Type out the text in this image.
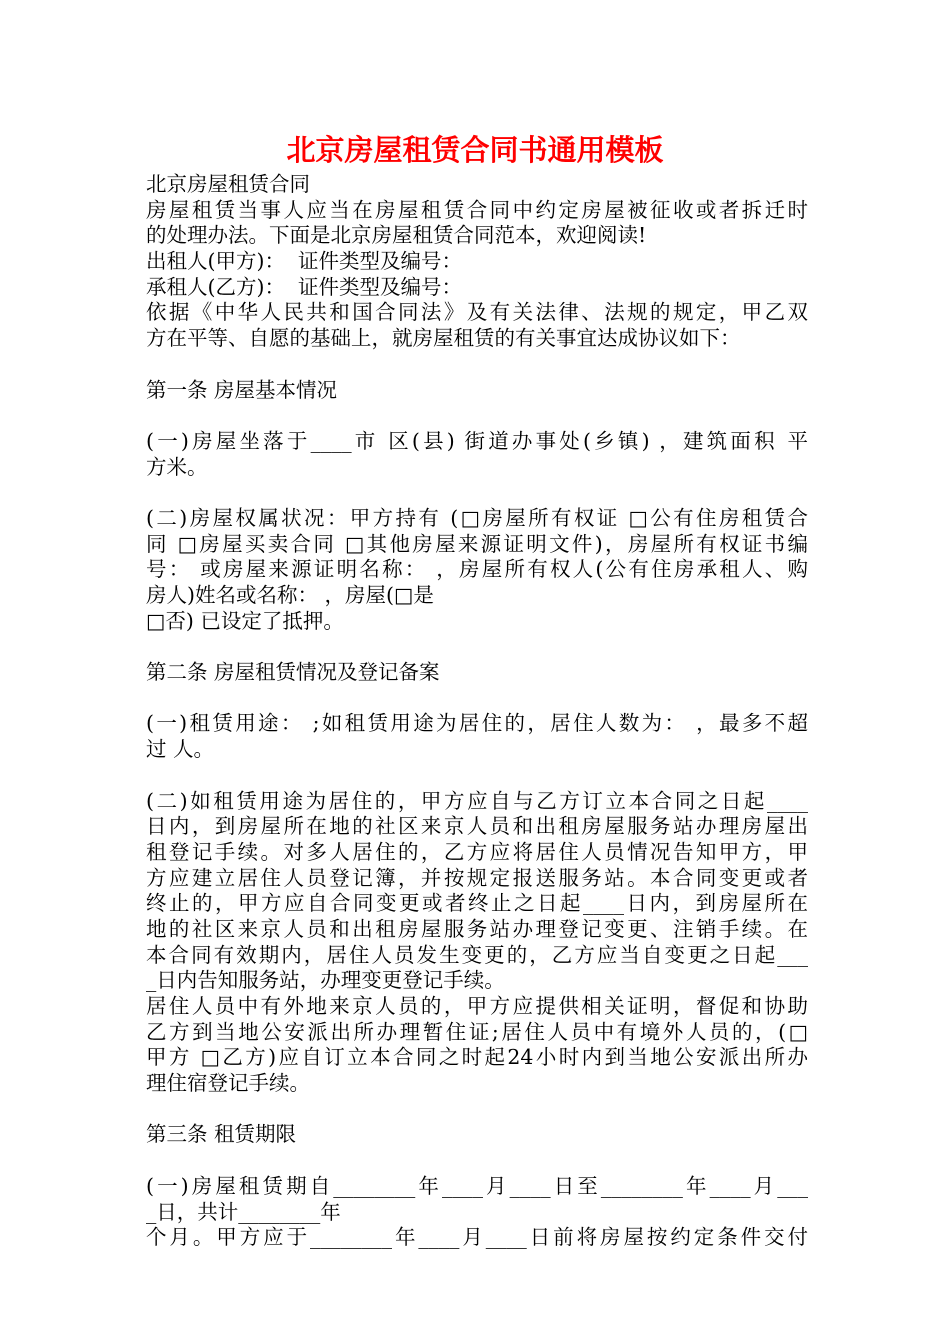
北京房屋租赁合同书通用模板
北京房屋租赁合同
房屋租赁当事人应当在房屋租赁合同中约定房屋被征收或者拆迁时
的处理办法。下面是北京房屋租赁合同范本，欢迎阅读!
出租人(甲方)：  证件类型及编号：
承租人(乙方)：  证件类型及编号：
依据《中华人民共和国合同法》及有关法律、法规的规定，甲乙双
方在平等、自愿的基础上，就房屋租赁的有关事宜达成协议如下：
第一条 房屋基本情况
(一)房屋坐落于____市 区(县) 街道办事处(乡镇) ，建筑面积 平
方米。
(二)房屋权属状况：甲方持有 (□房屋所有权证 □公有住房租赁合
同 □房屋买卖合同 □其他房屋来源证明文件)，房屋所有权证书编
号： 或房屋来源证明名称： ，房屋所有权人(公有住房承租人、购
房人)姓名或名称： ，房屋(□是
□否) 已设定了抵押。
第二条 房屋租赁情况及登记备案
(一)租赁用途： ;如租赁用途为居住的，居住人数为： ，最多不超
过 人。
(二)如租赁用途为居住的，甲方应自与乙方订立本合同之日起____
日内，到房屋所在地的社区来京人员和出租房屋服务站办理房屋出
租登记手续。对多人居住的，乙方应将居住人员情况告知甲方，甲
方应建立居住人员登记簿，并按规定报送服务站。本合同变更或者
终止的，甲方应自合同变更或者终止之日起____日内，到房屋所在
地的社区来京人员和出租房屋服务站办理登记变更、注销手续。在
本合同有效期内，居住人员发生变更的，乙方应当自变更之日起___
_日内告知服务站，办理变更登记手续。
居住人员中有外地来京人员的，甲方应提供相关证明，督促和协助
乙方到当地公安派出所办理暂住证;居住人员中有境外人员的，(□
甲方 □乙方)应自订立本合同之时起24小时内到当地公安派出所办
理住宿登记手续。
第三条 租赁期限
(一)房屋租赁期自________年____月____日至________年____月___
_日，共计________年
个月。甲方应于________年____月____日前将房屋按约定条件交付
